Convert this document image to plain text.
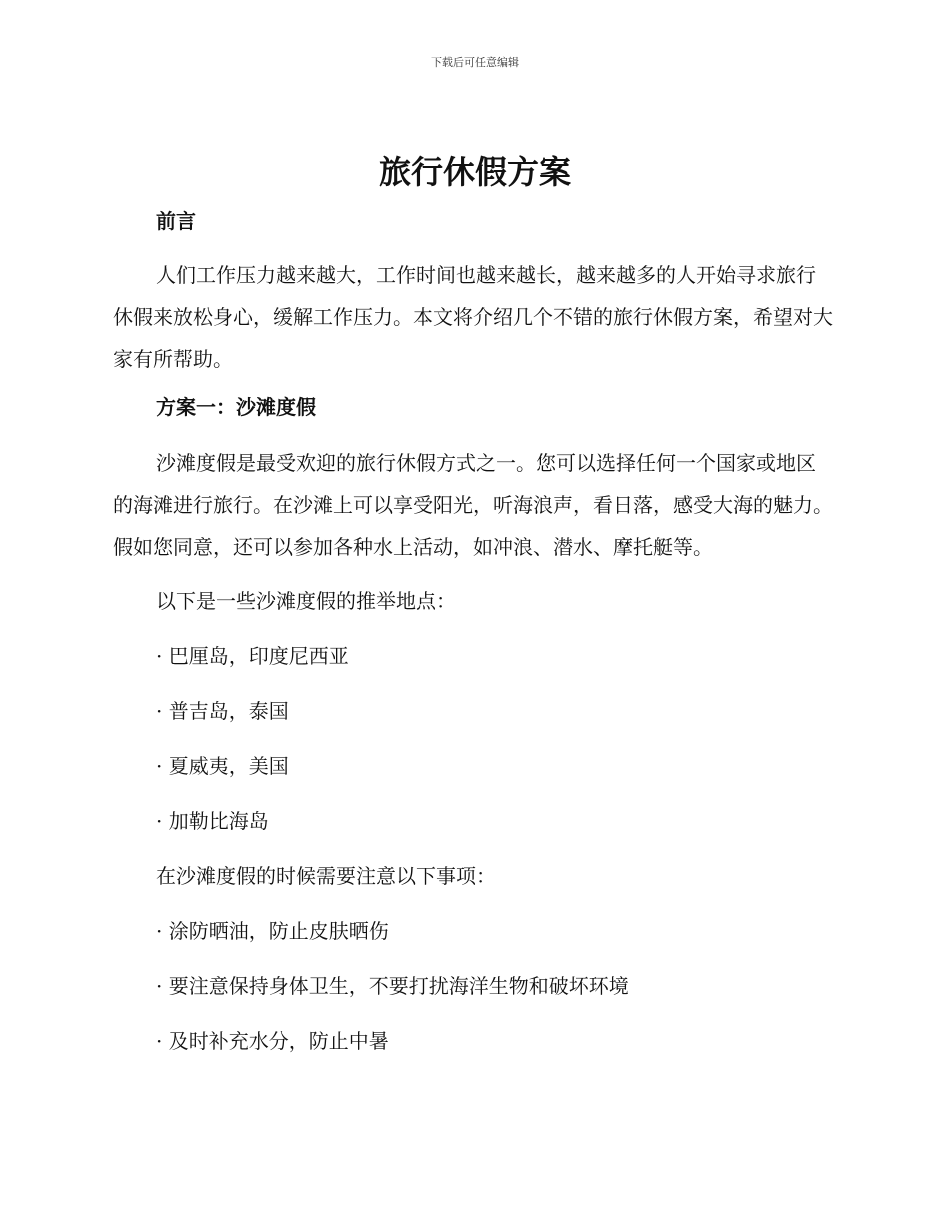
下载后可任意编辑
旅行休假方案
前言

人们工作压力越来越大，工作时间也越来越长，越来越多的人开始寻求旅行休假来放松身心，缓解工作压力。本文将介绍几个不错的旅行休假方案，希望对大家有所帮助。

方案一：沙滩度假

沙滩度假是最受欢迎的旅行休假方式之一。您可以选择任何一个国家或地区的海滩进行旅行。在沙滩上可以享受阳光，听海浪声，看日落，感受大海的魅力。假如您同意，还可以参加各种水上活动，如冲浪、潜水、摩托艇等。

以下是一些沙滩度假的推举地点：
· 巴厘岛，印度尼西亚
· 普吉岛，泰国
· 夏威夷，美国
· 加勒比海岛
在沙滩度假的时候需要注意以下事项：
· 涂防晒油，防止皮肤晒伤
· 要注意保持身体卫生，不要打扰海洋生物和破坏环境
· 及时补充水分，防止中暑
